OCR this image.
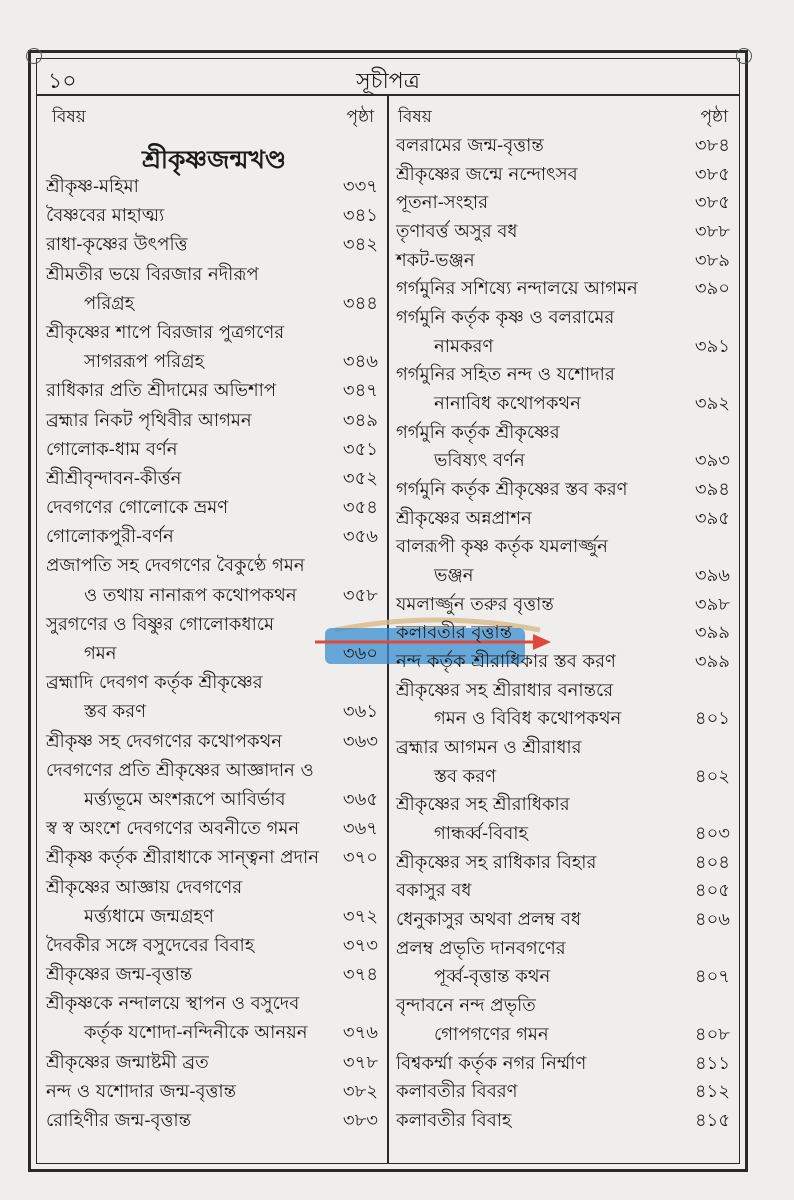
১০	সূচীপত্র
বিষয়	পৃষ্ঠা বিষয়	পৃষ্ঠা
শ্রীকৃষ্ণজন্মখণ্ড
শ্রীকৃষ্ণ-মহিমা	৩৩৭
বৈষ্ণবের মাহাত্ম্য	৩৪১
রাধা-কৃষ্ণের উৎপত্তি	৩৪২
শ্রীমতীর ভয়ে বিরজার নদীরূপ
পরিগ্রহ	৩৪৪
শ্রীকৃষ্ণের শাপে বিরজার পুত্রগণের
সাগররূপ পরিগ্রহ	৩৪৬
রাধিকার প্রতি শ্রীদামের অভিশাপ	৩৪৭
ব্রহ্মার নিকট পৃথিবীর আগমন	৩৪৯
গোলোক-ধাম বর্ণন	৩৫১
শ্রীশ্রীবৃন্দাবন-কীর্ত্তন	৩৫২
দেবগণের গোলোকে ভ্রমণ	৩৫৪
গোলোকপুরী-বর্ণন	৩৫৬
প্রজাপতি সহ দেবগণের বৈকুণ্ঠে গমন
ও তথায় নানারূপ কথোপকথন	৩৫৮
সুরগণের ও বিষ্ণুর গোলোকধামে
গমন	৩৬০
ব্রহ্মাদি দেবগণ কর্তৃক শ্রীকৃষ্ণের
স্তব করণ	৩৬১
শ্রীকৃষ্ণ সহ দেবগণের কথোপকথন	৩৬৩
দেবগণের প্রতি শ্রীকৃষ্ণের আজ্ঞাদান ও
মর্ত্ত্যভূমে অংশরূপে আবির্ভাব	৩৬৫
স্ব স্ব অংশে দেবগণের অবনীতে গমন ৩৬৭
শ্রীকৃষ্ণ কর্তৃক শ্রীরাধাকে সান্ত্বনা প্রদান ৩৭০
শ্রীকৃষ্ণের আজ্ঞায় দেবগণের
মর্ত্ত্যধামে জন্মগ্রহণ	৩৭২
দৈবকীর সঙ্গে বসুদেবের বিবাহ	৩৭৩
শ্রীকৃষ্ণের জন্ম-বৃত্তান্ত	৩৭৪
শ্রীকৃষ্ণকে নন্দালয়ে স্থাপন ও বসুদেব
কর্তৃক যশোদা-নন্দিনীকে আনয়ন ৩৭৬
শ্রীকৃষ্ণের জন্মাষ্টমী ব্রত	৩৭৮
নন্দ ও যশোদার জন্ম-বৃত্তান্ত	৩৮২
রোহিণীর জন্ম-বৃত্তান্ত	৩৮৩
বলরামের জন্ম-বৃত্তান্ত	৩৮৪
শ্রীকৃষ্ণের জন্মে নন্দোৎসব	৩৮৫
পূতনা-সংহার	৩৮৫
তৃণাবর্ত্ত অসুর বধ	৩৮৮
শকট-ভঞ্জন	৩৮৯
গর্গমুনির সশিষ্যে নন্দালয়ে আগমন	৩৯০
গর্গমুনি কর্তৃক কৃষ্ণ ও বলরামের
নামকরণ	৩৯১
গর্গমুনির সহিত নন্দ ও যশোদার
নানাবিধ কথোপকথন	৩৯২
গর্গমুনি কর্তৃক শ্রীকৃষ্ণের
ভবিষ্যৎ বর্ণন	৩৯৩
গর্গমুনি কর্তৃক শ্রীকৃষ্ণের স্তব করণ	৩৯৪
শ্রীকৃষ্ণের অন্নপ্রাশন	৩৯৫
বালরূপী কৃষ্ণ কর্তৃক যমলার্জ্জুন
ভঞ্জন	৩৯৬
যমলার্জ্জুন তরুর বৃত্তান্ত	৩৯৮
কলাবতীর বৃত্তান্ত	৩৯৯
নন্দ কর্তৃক শ্রীরাধিকার স্তব করণ	৩৯৯
শ্রীকৃষ্ণের সহ শ্রীরাধার বনান্তরে
গমন ও বিবিধ কথোপকথন	৪০১
ব্রহ্মার আগমন ও শ্রীরাধার
স্তব করণ	৪০২
শ্রীকৃষ্ণের সহ শ্রীরাধিকার
গান্ধর্ব্ব-বিবাহ	৪০৩
শ্রীকৃষ্ণের সহ রাধিকার বিহার	৪০৪
বকাসুর বধ	৪০৫
ধেনুকাসুর অথবা প্রলম্ব বধ	৪০৬
প্রলম্ব প্রভৃতি দানবগণের
পূর্ব্ব-বৃত্তান্ত কথন	৪০৭
বৃন্দাবনে নন্দ প্রভৃতি
গোপগণের গমন	৪০৮
বিশ্বকর্ম্মা কর্তৃক নগর নির্ম্মাণ	৪১১
কলাবতীর বিবরণ	৪১২
কলাবতীর বিবাহ	৪১৫
